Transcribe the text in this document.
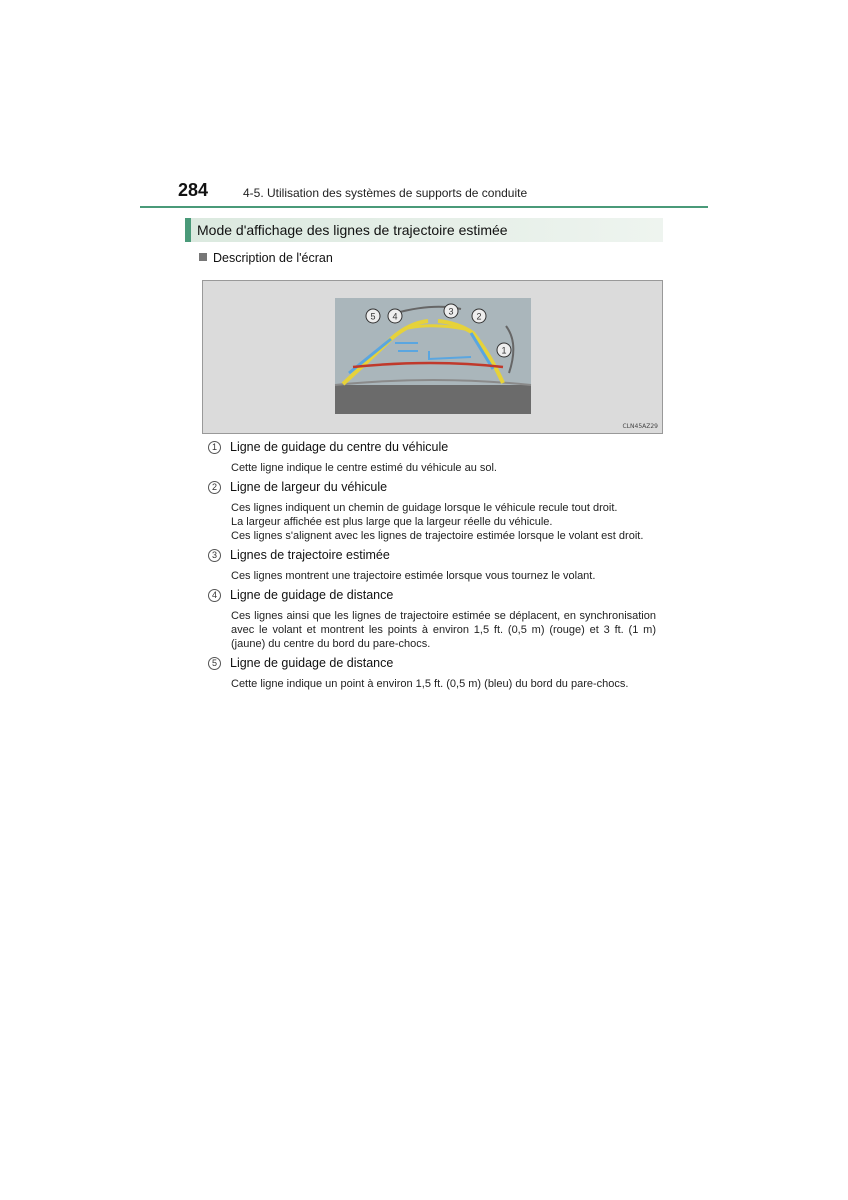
284	4-5. Utilisation des systèmes de supports de conduite
Mode d'affichage des lignes de trajectoire estimée
Description de l'écran
5 4	3	2
1
CLN45AZ29
1	Ligne de guidage du centre du véhicule
Cette ligne indique le centre estimé du véhicule au sol.
2	Ligne de largeur du véhicule
Ces lignes indiquent un chemin de guidage lorsque le véhicule recule tout droit.
La largeur affichée est plus large que la largeur réelle du véhicule.
Ces lignes s'alignent avec les lignes de trajectoire estimée lorsque le volant est droit.
3	Lignes de trajectoire estimée
Ces lignes montrent une trajectoire estimée lorsque vous tournez le volant.
4	Ligne de guidage de distance
Ces lignes ainsi que les lignes de trajectoire estimée se déplacent, en synchronisation avec le volant et montrent les points à environ 1,5 ft. (0,5 m) (rouge) et 3 ft. (1 m) (jaune) du centre du bord du pare-chocs.
5	Ligne de guidage de distance
Cette ligne indique un point à environ 1,5 ft. (0,5 m) (bleu) du bord du pare-chocs.
